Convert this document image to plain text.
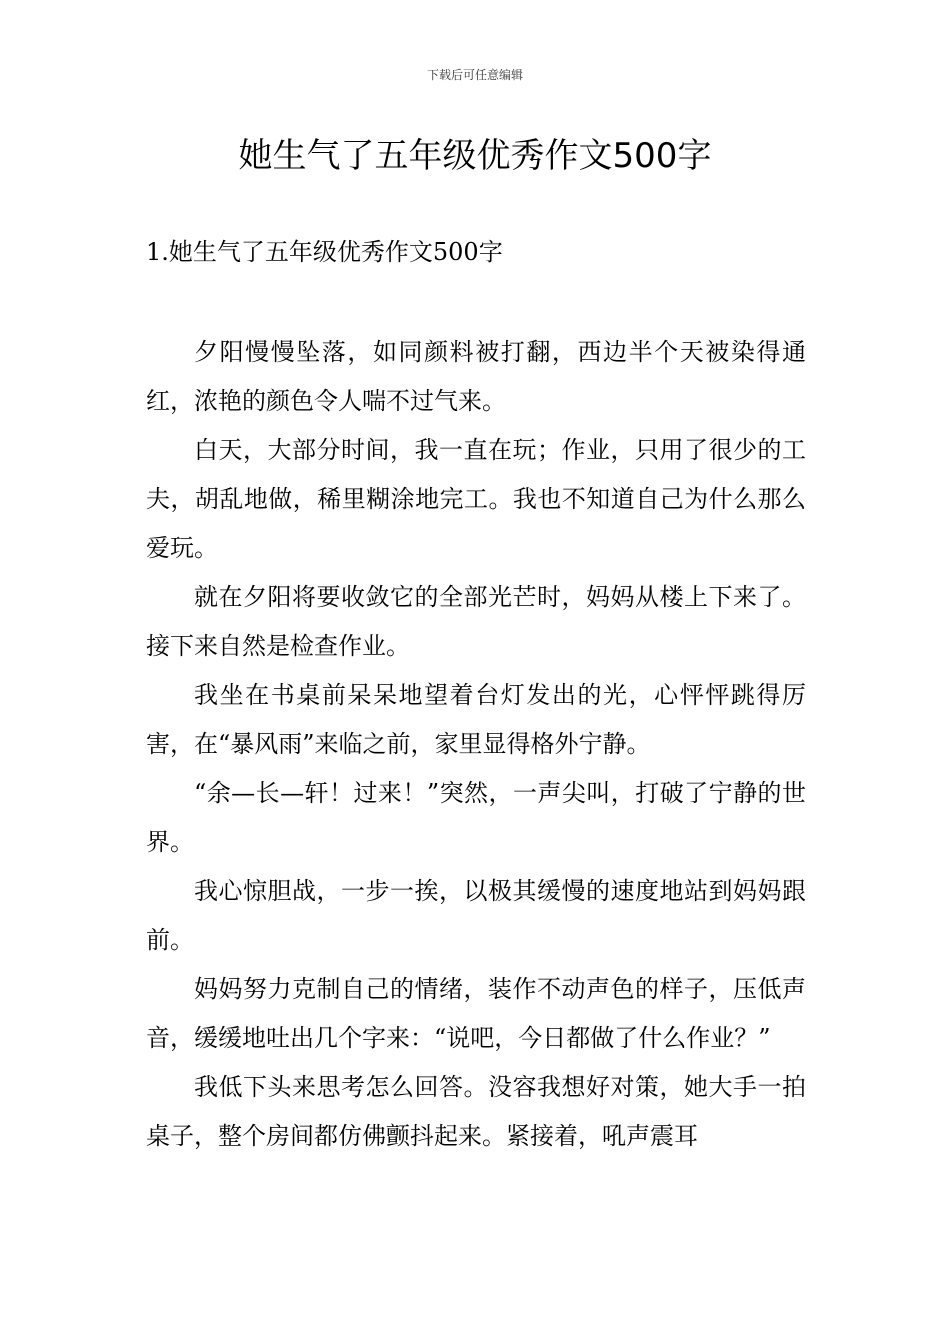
下载后可任意编辑
她生气了五年级优秀作文500字
1.她生气了五年级优秀作文500字

夕阳慢慢坠落，如同颜料被打翻，西边半个天被染得通红，浓艳的颜色令人喘不过气来。

白天，大部分时间，我一直在玩；作业，只用了很少的工夫，胡乱地做，稀里糊涂地完工。我也不知道自己为什么那么爱玩。

就在夕阳将要收敛它的全部光芒时，妈妈从楼上下来了。接下来自然是检查作业。

我坐在书桌前呆呆地望着台灯发出的光，心怦怦跳得厉害，在“暴风雨”来临之前，家里显得格外宁静。

“余—长—轩！过来！”突然，一声尖叫，打破了宁静的世界。

我心惊胆战，一步一挨，以极其缓慢的速度地站到妈妈跟前。

妈妈努力克制自己的情绪，装作不动声色的样子，压低声音，缓缓地吐出几个字来：“说吧，今日都做了什么作业？”

我低下头来思考怎么回答。没容我想好对策，她大手一拍桌子，整个房间都仿佛颤抖起来。紧接着，吼声震耳
